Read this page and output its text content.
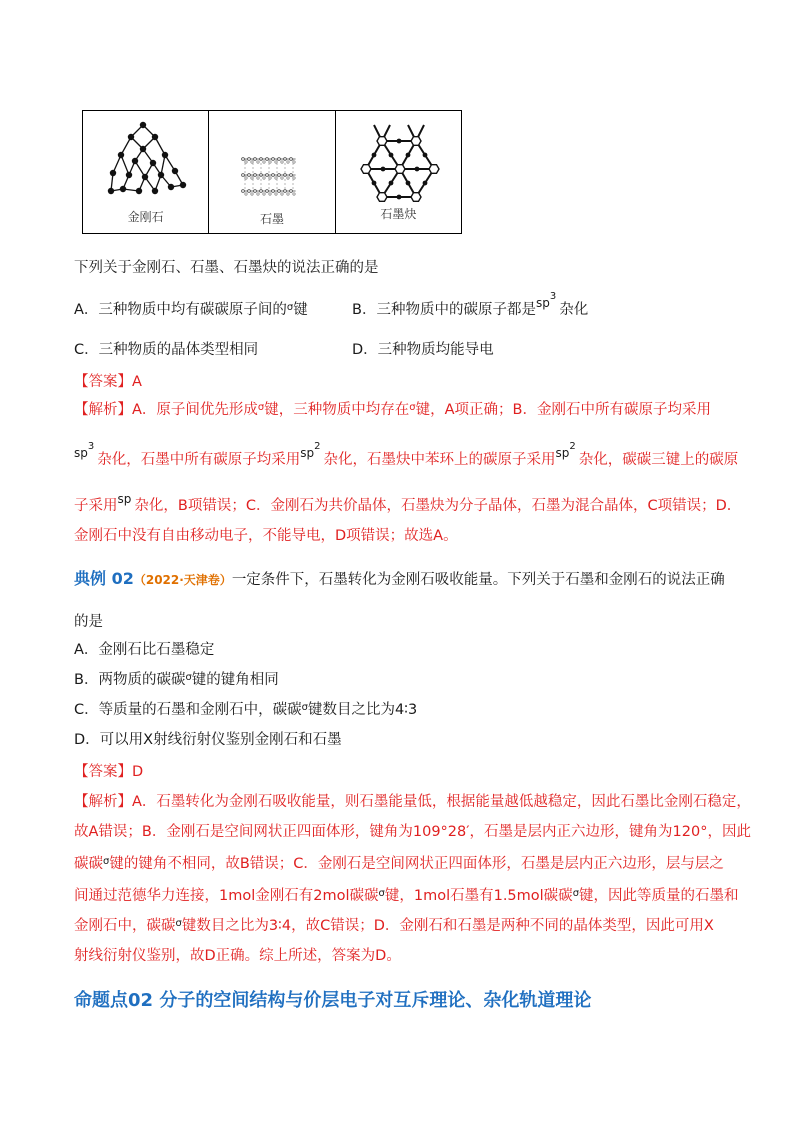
金刚石	石墨	石墨炔
下列关于金刚石、石墨、石墨炔的说法正确的是
A．三种物质中均有碳碳原子间的$^\sigma$键	B．三种物质中的碳原子都是$^{sp^3}$杂化
C．三种物质的晶体类型相同	D．三种物质均能导电
【答案】A
【解析】A．原子间优先形成$^\sigma$键，三种物质中均存在$^\sigma$键，A项正确；B．金刚石中所有碳原子均采用
$^{sp^3}$杂化，石墨中所有碳原子均采用$^{sp^2}$杂化，石墨炔中苯环上的碳原子采用$^{sp^2}$杂化，碳碳三键上的碳原
子采用$^{sp}$ 杂化，B项错误；C．金刚石为共价晶体，石墨炔为分子晶体，石墨为混合晶体，C项错误；D．
金刚石中没有自由移动电子，不能导电，D项错误；故选A。
典例 02（2022·天津卷）一定条件下，石墨转化为金刚石吸收能量。下列关于石墨和金刚石的说法正确
的是
A．金刚石比石墨稳定
B．两物质的碳碳$^\sigma$键的键角相同
C．等质量的石墨和金刚石中，碳碳$^\sigma$键数目之比为4∶3
D．可以用X射线衍射仪鉴别金刚石和石墨
【答案】D
【解析】A．石墨转化为金刚石吸收能量，则石墨能量低，根据能量越低越稳定，因此石墨比金刚石稳定，
故A错误；B．金刚石是空间网状正四面体形，键角为109°28′，石墨是层内正六边形，键角为120°，因此
碳碳$^\sigma$键的键角不相同，故B错误；C．金刚石是空间网状正四面体形，石墨是层内正六边形，层与层之
间通过范德华力连接，1mol金刚石有2mol碳碳$^\sigma$键，1mol石墨有1.5mol碳碳$^\sigma$键，因此等质量的石墨和
金刚石中，碳碳$^\sigma$键数目之比为3∶4，故C错误；D．金刚石和石墨是两种不同的晶体类型，因此可用X
射线衍射仪鉴别，故D正确。综上所述，答案为D。
命题点02 分子的空间结构与价层电子对互斥理论、杂化轨道理论
